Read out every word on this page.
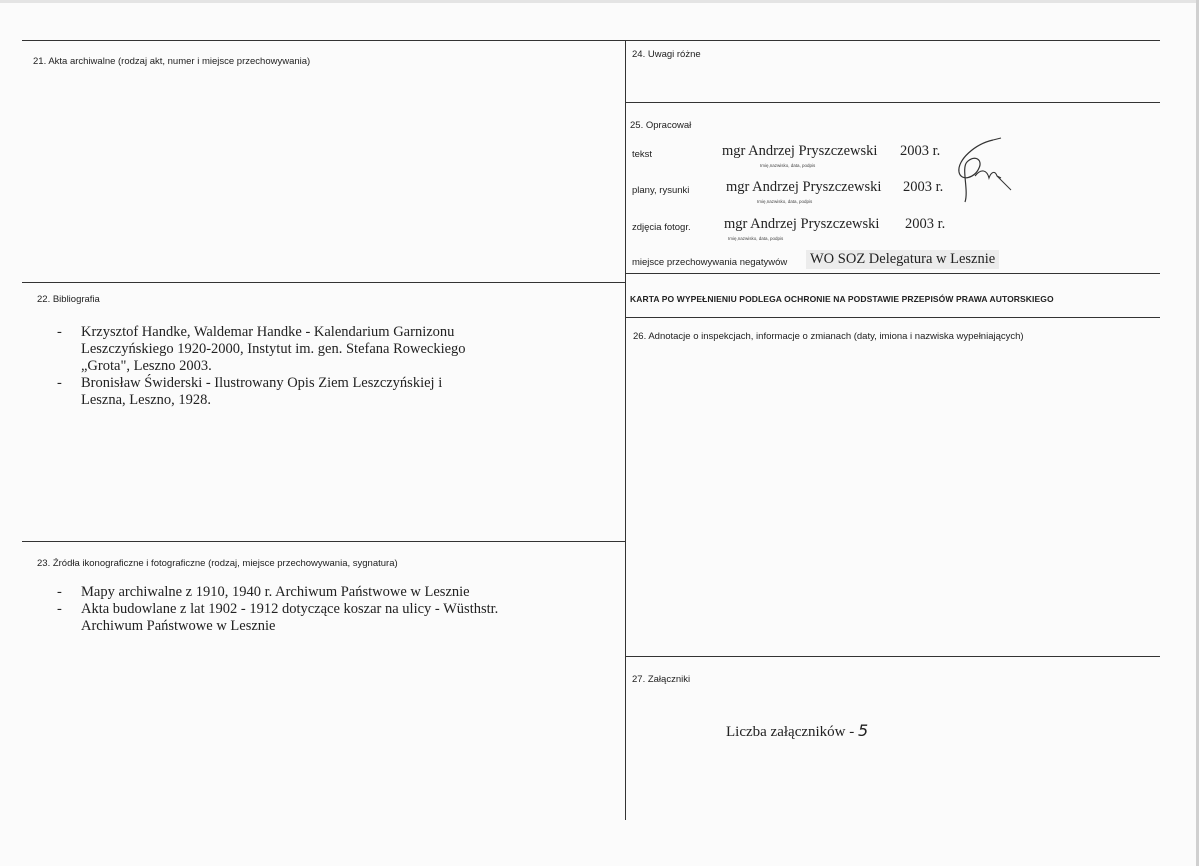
21. Akta archiwalne (rodzaj akt, numer i miejsce przechowywania)
22. Bibliografia
- Krzysztof Handke, Waldemar Handke - Kalendarium Garnizonu Leszczyńskiego 1920-2000, Instytut im. gen. Stefana Roweckiego „Grota", Leszno 2003.
- Bronisław Świderski - Ilustrowany Opis Ziem Leszczyńskiej i Leszna, Leszno, 1928.
23. Źródła ikonograficzne i fotograficzne (rodzaj, miejsce przechowywania, sygnatura)
- Mapy archiwalne z 1910, 1940 r. Archiwum Państwowe w Lesznie
- Akta budowlane z lat 1902 - 1912 dotyczące koszar na ulicy - Wüsthstr. Archiwum Państwowe w Lesznie
24. Uwagi różne
25. Opracował
tekst	mgr Andrzej Pryszczewski 2003 r.
Imię,nazwisko, data, podpis
plany, rysunki	mgr Andrzej Pryszczewski 2003 r.
Imię,nazwisko, data, podpis
zdjęcia fotogr. mgr Andrzej Pryszczewski 2003 r.
Imię,nazwisko, data, podpis
miejsce przechowywania negatywów WO SOZ Delegatura w Lesznie
KARTA PO WYPEŁNIENIU PODLEGA OCHRONIE NA PODSTAWIE PRZEPISÓW PRAWA AUTORSKIEGO
26. Adnotacje o inspekcjach, informacje o zmianach (daty, imiona i nazwiska wypełniających)
27. Załączniki
Liczba załączników - 5
